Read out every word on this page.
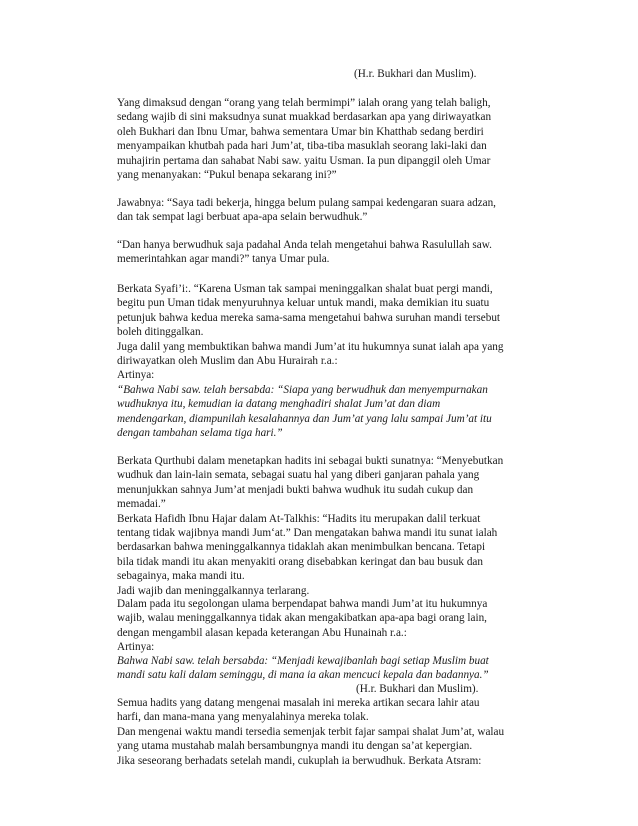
(H.r. Bukhari dan Muslim).
Yang dimaksud dengan “orang yang telah bermimpi” ialah orang yang telah baligh,
sedang wajib di sini maksudnya sunat muakkad berdasarkan apa yang diriwayatkan
oleh Bukhari dan Ibnu Umar, bahwa sementara Umar bin Khatthab sedang berdiri
menyampaikan khutbah pada hari Jum’at, tiba-tiba masuklah seorang laki-laki dan
muhajirin pertama dan sahabat Nabi saw. yaitu Usman. Ia pun dipanggil oleh Umar
yang menanyakan: “Pukul benapa sekarang ini?”
Jawabnya: “Saya tadi bekerja, hingga belum pulang sampai kedengaran suara adzan,
dan tak sempat lagi berbuat apa-apa selain berwudhuk.”
“Dan hanya berwudhuk saja padahal Anda telah mengetahui bahwa Rasulullah saw.
memerintahkan agar mandi?” tanya Umar pula.
Berkata Syafi’i:. “Karena Usman tak sampai meninggalkan shalat buat pergi mandi,
begitu pun Uman tidak menyuruhnya keluar untuk mandi, maka demikian itu suatu
petunjuk bahwa kedua mereka sama-sama mengetahui bahwa suruhan mandi tersebut
boleh ditinggalkan.
Juga dalil yang membuktikan bahwa mandi Jum’at itu hukumnya sunat ialah apa yang
diriwayatkan oleh Muslim dan Abu Hurairah r.a.:
Artinya:
“Bahwa Nabi saw. telah bersabda: “Siapa yang berwudhuk dan menyempurnakan
wudhuknya itu, kemudian ia datang menghadiri shalat Jum’at dan diam
mendengarkan, diampunilah kesalahannya dan Jum’at yang lalu sampai Jum’at itu
dengan tambahan selama tiga hari.”
Berkata Qurthubi dalam menetapkan hadits ini sebagai bukti sunatnya: “Menyebutkan
wudhuk dan lain-lain semata, sebagai suatu hal yang diberi ganjaran pahala yang
menunjukkan sahnya Jum’at menjadi bukti bahwa wudhuk itu sudah cukup dan
memadai.”
Berkata Hafidh Ibnu Hajar dalam At-Talkhis: “Hadits itu merupakan dalil terkuat
tentang tidak wajibnya mandi Jum‘at.” Dan mengatakan bahwa mandi itu sunat ialah
berdasarkan bahwa meninggalkannya tidaklah akan menimbulkan bencana. Tetapi
bila tidak mandi itu akan menyakiti orang disebabkan keringat dan bau busuk dan
sebagainya, maka mandi itu.
Jadi wajib dan meninggalkannya terlarang.
Dalam pada itu segolongan ulama berpendapat bahwa mandi Jum’at itu hukumnya
wajib, walau meninggalkannya tidak akan mengakibatkan apa-apa bagi orang lain,
dengan mengambil alasan kepada keterangan Abu Hunainah r.a.:
Artinya:
Bahwa Nabi saw. telah bersabda: “Menjadi kewajibanlah bagi setiap Muslim buat
mandi satu kali dalam seminggu, di mana ia akan mencuci kepala dan badannya.”
(H.r. Bukhari dan Muslim).
Semua hadits yang datang mengenai masalah ini mereka artikan secara lahir atau
harfi, dan mana-mana yang menyalahinya mereka tolak.
Dan mengenai waktu mandi tersedia semenjak terbit fajar sampai shalat Jum’at, walau
yang utama mustahab malah bersambungnya mandi itu dengan sa’at kepergian.
Jika seseorang berhadats setelah mandi, cukuplah ia berwudhuk. Berkata Atsram:
